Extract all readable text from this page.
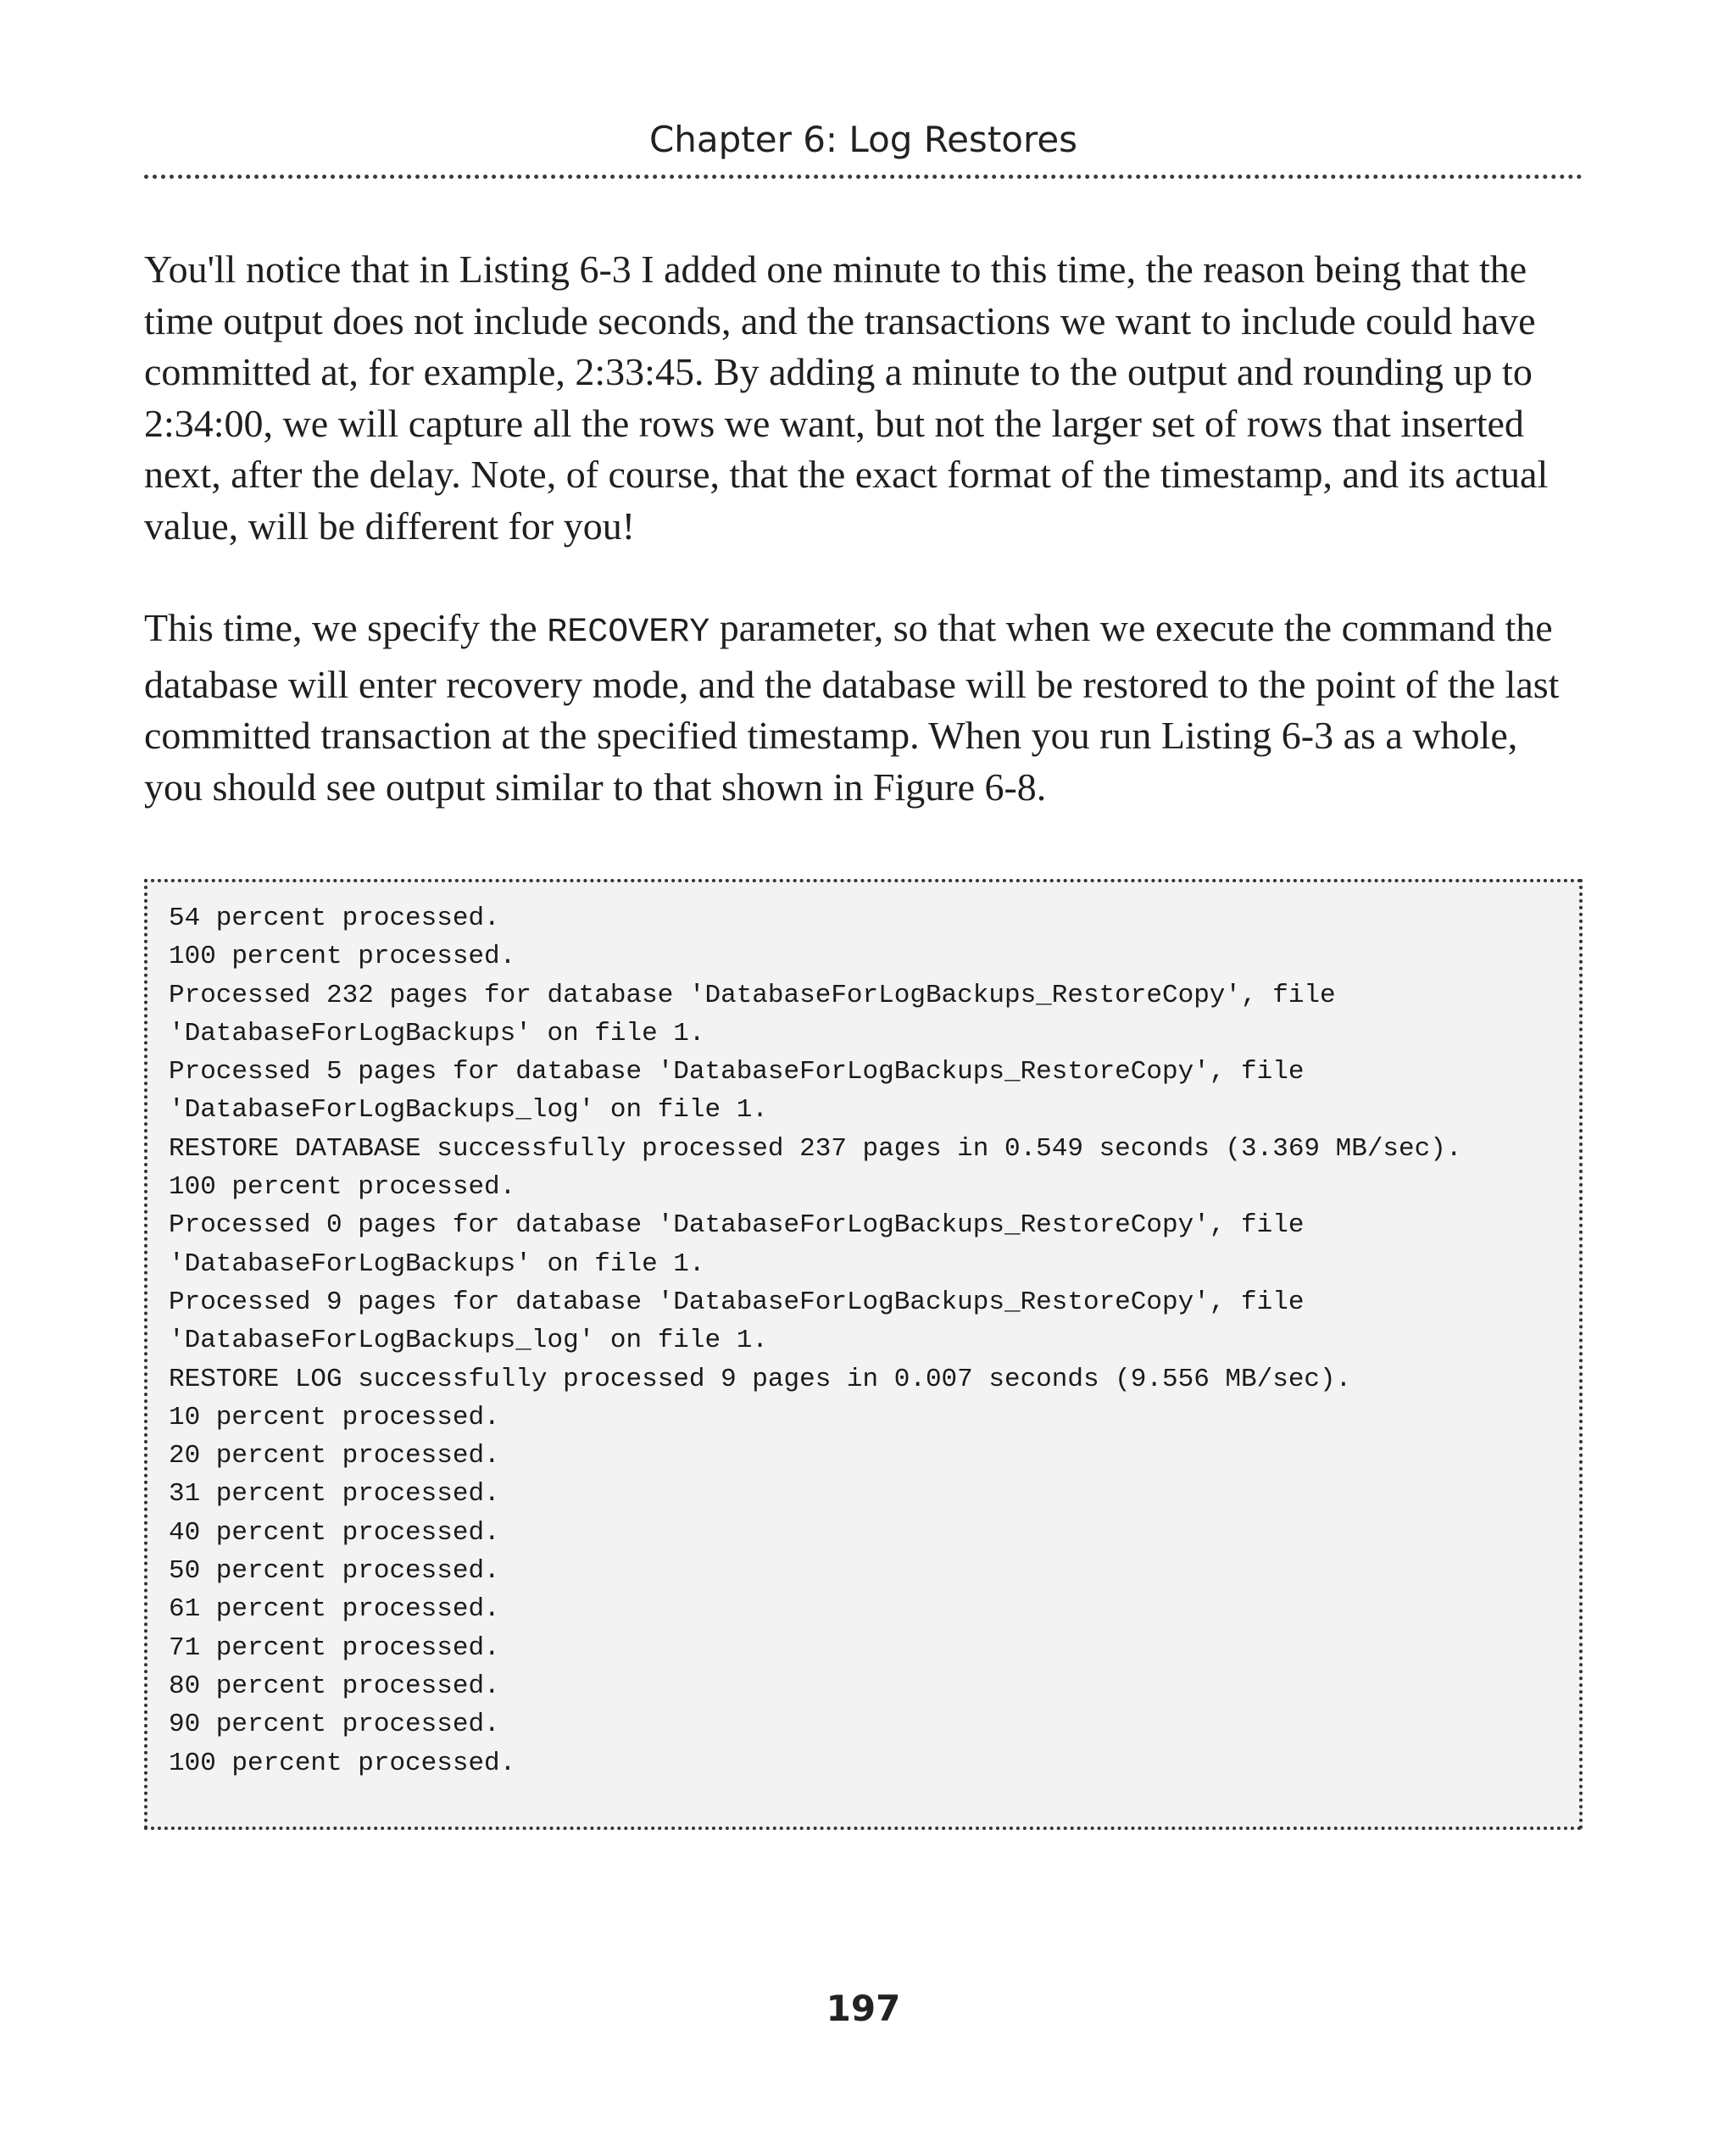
Chapter 6: Log Restores

You'll notice that in Listing 6-3 I added one minute to this time, the reason being that the time output does not include seconds, and the transactions we want to include could have committed at, for example, 2:33:45. By adding a minute to the output and rounding up to 2:34:00, we will capture all the rows we want, but not the larger set of rows that inserted next, after the delay. Note, of course, that the exact format of the timestamp, and its actual value, will be different for you!

This time, we specify the RECOVERY parameter, so that when we execute the command the database will enter recovery mode, and the database will be restored to the point of the last committed transaction at the specified timestamp. When you run Listing 6-3 as a whole, you should see output similar to that shown in Figure 6-8.

54 percent processed.
100 percent processed.
Processed 232 pages for database 'DatabaseForLogBackups_RestoreCopy', file
'DatabaseForLogBackups' on file 1.
Processed 5 pages for database 'DatabaseForLogBackups_RestoreCopy', file
'DatabaseForLogBackups_log' on file 1.
RESTORE DATABASE successfully processed 237 pages in 0.549 seconds (3.369 MB/sec).
100 percent processed.
Processed 0 pages for database 'DatabaseForLogBackups_RestoreCopy', file
'DatabaseForLogBackups' on file 1.
Processed 9 pages for database 'DatabaseForLogBackups_RestoreCopy', file
'DatabaseForLogBackups_log' on file 1.
RESTORE LOG successfully processed 9 pages in 0.007 seconds (9.556 MB/sec).
10 percent processed.
20 percent processed.
31 percent processed.
40 percent processed.
50 percent processed.
61 percent processed.
71 percent processed.
80 percent processed.
90 percent processed.
100 percent processed.
197
